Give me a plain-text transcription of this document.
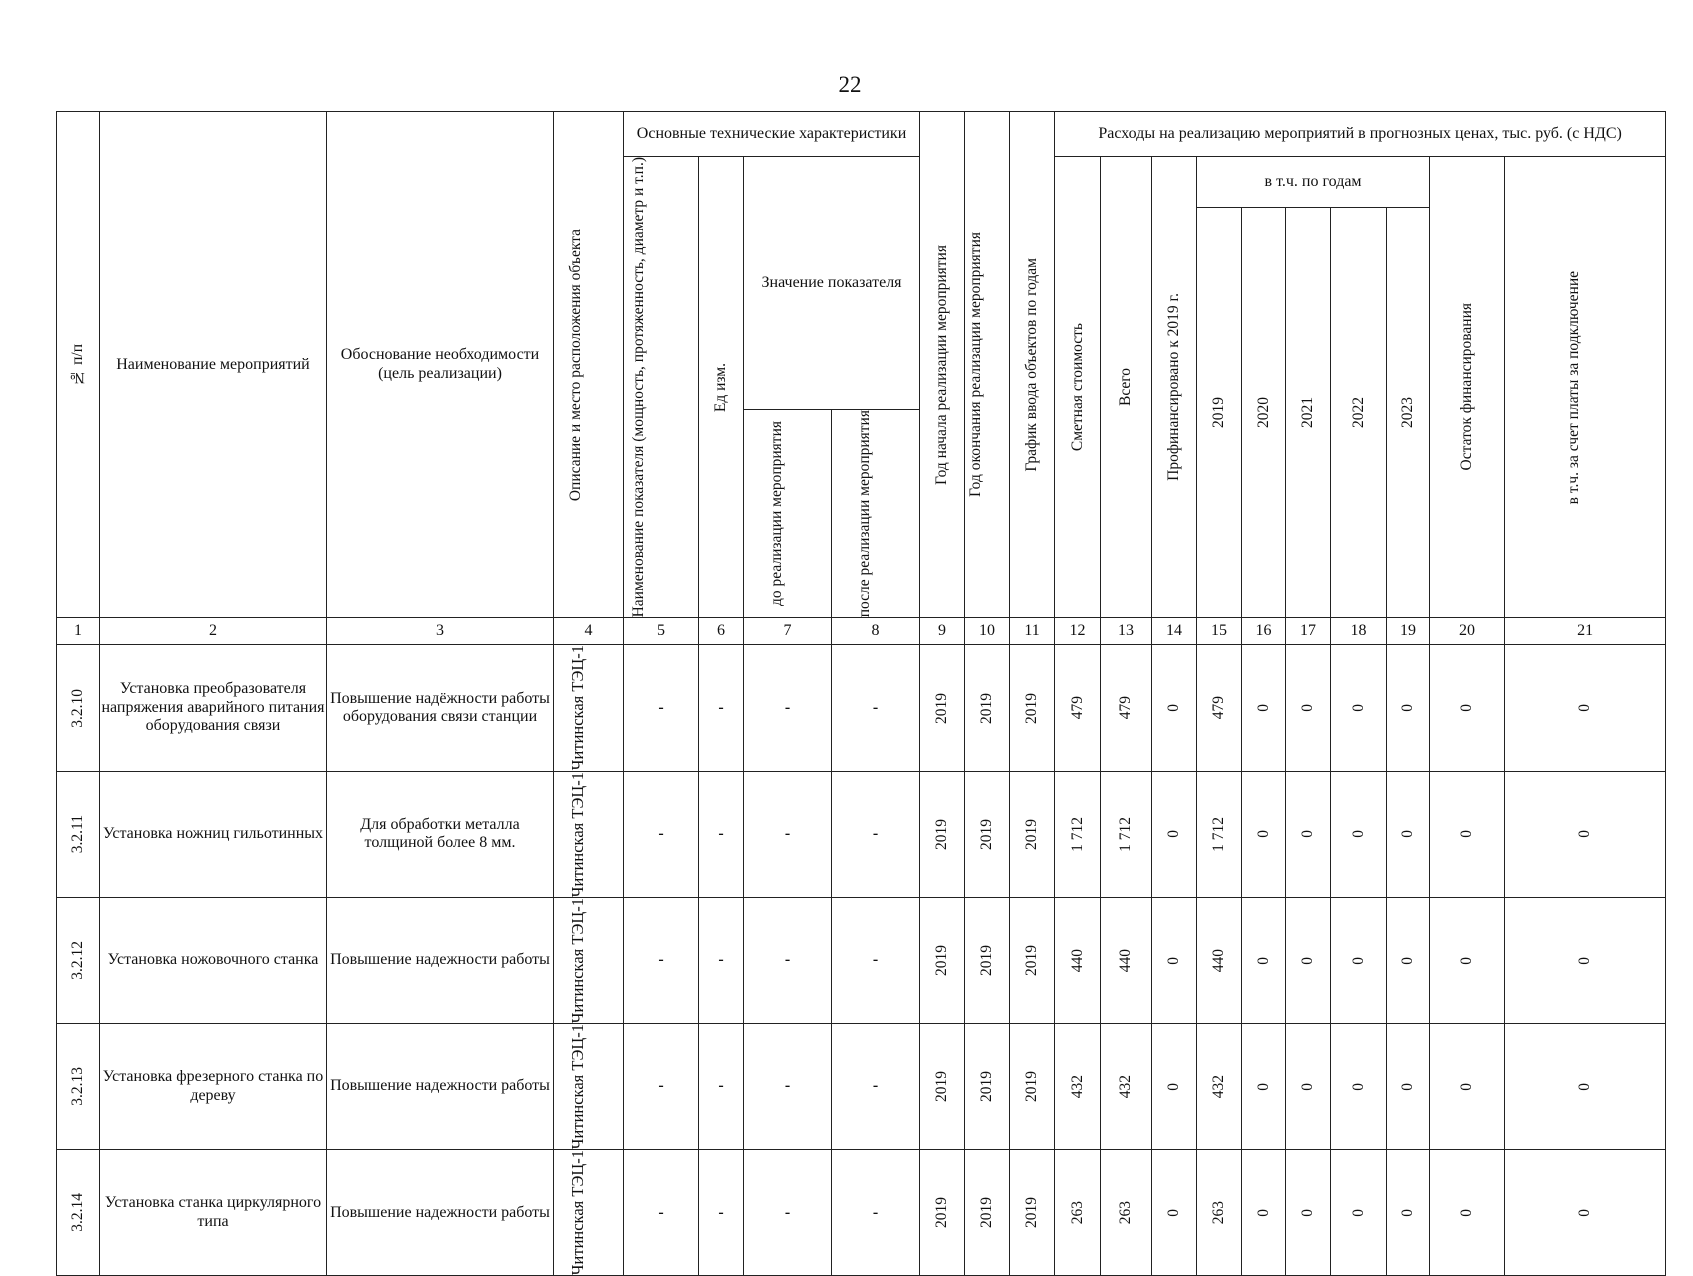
22
№ п/п	Наименование мероприятий	Обоснование необходимости (цель реализации)	Описание и место расположения объекта	Основные технические характеристики				Год начала реализации мероприятия	Год окончания реализации мероприятия	График ввода объектов по годам	Расходы на реализацию мероприятий в прогнозных ценах, тыс. руб. (с НДС)									

				Наименование показателя (мощность, протяженность, диаметр и т.п.)	Ед изм.	Значение показателя					Сметная стоимость	Всего	Профинансировано к 2019 г.	в т.ч. по годам					Остаток финансирования	в т.ч. за счет платы за подключение

														2019	2020	2021	2022	2023		

						до реализации мероприятия	после реализации мероприятия													

1	2	3	4	5	6	7	8	9	10	11	12	13	14	15	16	17	18	19	20	21

3.2.10	Установка преобразователя напряжения аварийного питания оборудования связи	Повышение надёжности работы оборудования связи станции	Читинская ТЭЦ-1	-	-	-	-	2019	2019	2019	479	479	0	479	0	0	0	0	0	0

3.2.11	Установка ножниц гильотинных	Для обработки металла толщиной более 8 мм.	Читинская ТЭЦ-1	-	-	-	-	2019	2019	2019	1 712	1 712	0	1 712	0	0	0	0	0	0

3.2.12	Установка ножовочного станка	Повышение надежности работы	Читинская ТЭЦ-1	-	-	-	-	2019	2019	2019	440	440	0	440	0	0	0	0	0	0

3.2.13	Установка фрезерного станка по дереву	Повышение надежности работы	Читинская ТЭЦ-1	-	-	-	-	2019	2019	2019	432	432	0	432	0	0	0	0	0	0

3.2.14	Установка станка циркулярного типа	Повышение надежности работы	Читинская ТЭЦ-1	-	-	-	-	2019	2019	2019	263	263	0	263	0	0	0	0	0	0
